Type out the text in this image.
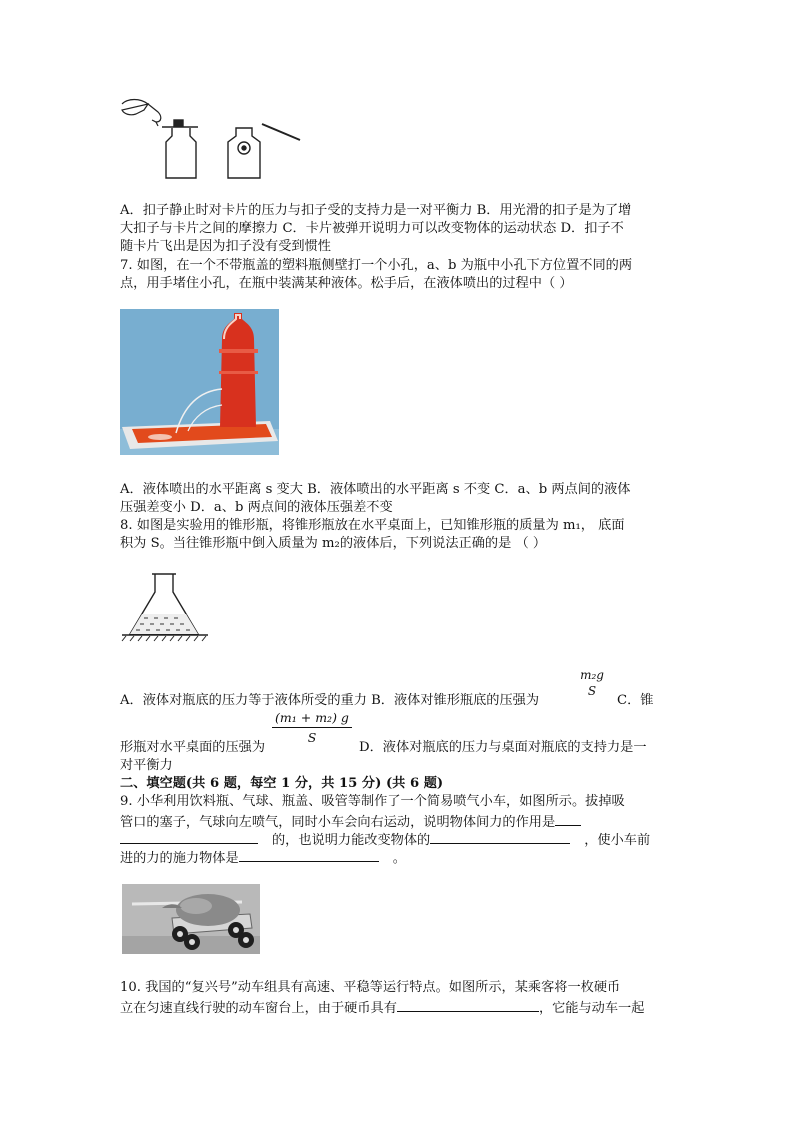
A．扣子静止时对卡片的压力与扣子受的支持力是一对平衡力 B．用光滑的扣子是为了增
大扣子与卡片之间的摩擦力 C．卡片被弹开说明力可以改变物体的运动状态 D．扣子不
随卡片飞出是因为扣子没有受到惯性
7. 如图，在一个不带瓶盖的塑料瓶侧壁打一个小孔，a、b 为瓶中小孔下方位置不同的两
点，用手堵住小孔，在瓶中装满某种液体。松手后，在液体喷出的过程中（ ）
A．液体喷出的水平距离 s 变大 B．液体喷出的水平距离 s 不变 C．a、b 两点间的液体
压强差变小 D．a、b 两点间的液体压强差不变
8. 如图是实验用的锥形瓶，将锥形瓶放在水平桌面上，已知锥形瓶的质量为 m₁， 底面
积为 S。当往锥形瓶中倒入质量为 m₂的液体后，下列说法正确的是 （ ）
m₂g
S
A．液体对瓶底的压力等于液体所受的重力 B．液体对锥形瓶底的压强为	C．锥
(m₁ + m₂) g
S
形瓶对水平桌面的压强为	D．液体对瓶底的压力与桌面对瓶底的支持力是一
对平衡力
二、填空题(共 6 题，每空 1 分，共 15 分) (共 6 题)
9. 小华利用饮料瓶、气球、瓶盖、吸管等制作了一个简易喷气小车，如图所示。拔掉吸
管口的塞子，气球向左喷气，同时小车会向右运动，说明物体间力的作用是
的，也说明力能改变物体的	，使小车前
进的力的施力物体是	。
10. 我国的“复兴号”动车组具有高速、平稳等运行特点。如图所示，某乘客将一枚硬币
立在匀速直线行驶的动车窗台上，由于硬币具有	，它能与动车一起
